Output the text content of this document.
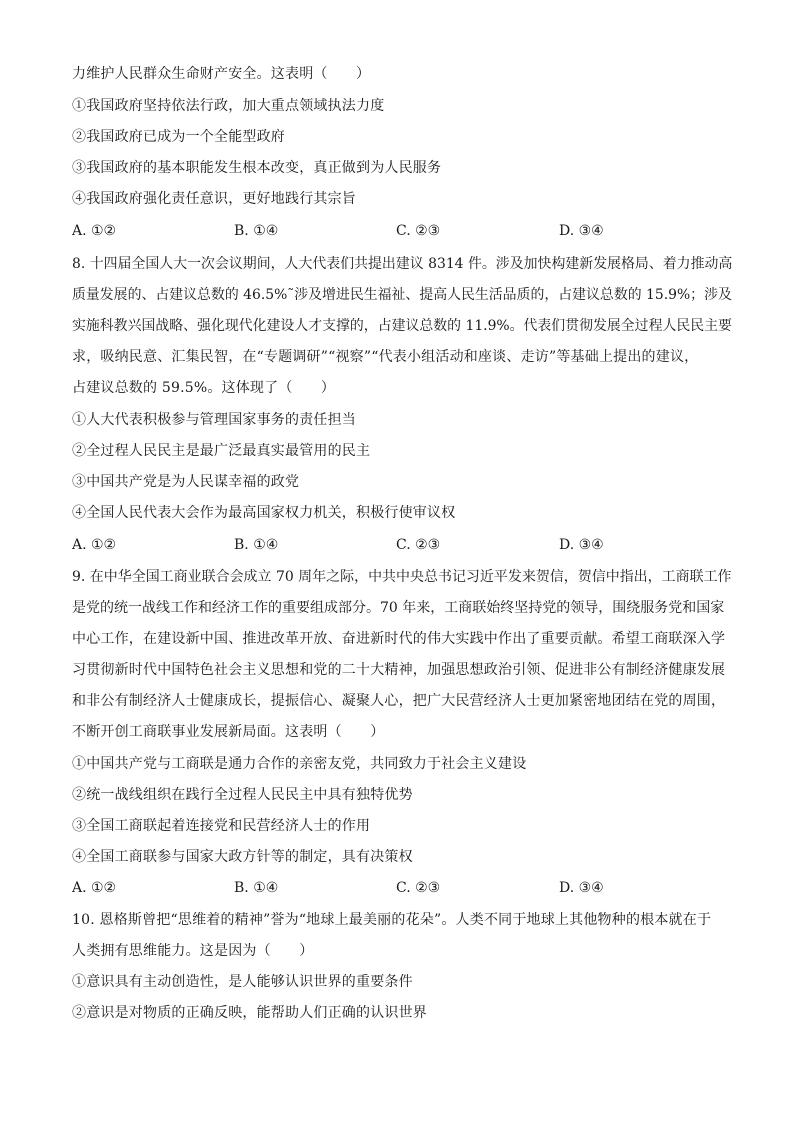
力维护人民群众生命财产安全。这表明（　　）
①我国政府坚持依法行政，加大重点领域执法力度
②我国政府已成为一个全能型政府
③我国政府的基本职能发生根本改变，真正做到为人民服务
④我国政府强化责任意识，更好地践行其宗旨
A. ①②	B. ①④	C. ②③	D. ③④
8. 十四届全国人大一次会议期间，人大代表们共提出建议 8314 件。涉及加快构建新发展格局、着力推动高
质量发展的、占建议总数的 46.5%˜涉及增进民生福祉、提高人民生活品质的，占建议总数的 15.9%；涉及
实施科教兴国战略、强化现代化建设人才支撑的，占建议总数的 11.9%。代表们贯彻发展全过程人民民主要
求，吸纳民意、汇集民智，在“专题调研”“视察”“代表小组活动和座谈、走访”等基础上提出的建议，
占建议总数的 59.5%。这体现了（　　）
①人大代表积极参与管理国家事务的责任担当
②全过程人民民主是最广泛最真实最管用的民主
③中国共产党是为人民谋幸福的政党
④全国人民代表大会作为最高国家权力机关，积极行使审议权
A. ①②	B. ①④	C. ②③	D. ③④
9. 在中华全国工商业联合会成立 70 周年之际，中共中央总书记习近平发来贺信，贺信中指出，工商联工作
是党的统一战线工作和经济工作的重要组成部分。70 年来，工商联始终坚持党的领导，围绕服务党和国家
中心工作，在建设新中国、推进改革开放、奋进新时代的伟大实践中作出了重要贡献。希望工商联深入学
习贯彻新时代中国特色社会主义思想和党的二十大精神，加强思想政治引领、促进非公有制经济健康发展
和非公有制经济人士健康成长，提振信心、凝聚人心，把广大民营经济人士更加紧密地团结在党的周围，
不断开创工商联事业发展新局面。这表明（　　）
①中国共产党与工商联是通力合作的亲密友党，共同致力于社会主义建设
②统一战线组织在践行全过程人民民主中具有独特优势
③全国工商联起着连接党和民营经济人士的作用
④全国工商联参与国家大政方针等的制定，具有决策权
A. ①②	B. ①④	C. ②③	D. ③④
10. 恩格斯曾把“思维着的精神”誉为“地球上最美丽的花朵”。人类不同于地球上其他物种的根本就在于
人类拥有思维能力。这是因为（　　）
①意识具有主动创造性，是人能够认识世界的重要条件
②意识是对物质的正确反映，能帮助人们正确的认识世界
